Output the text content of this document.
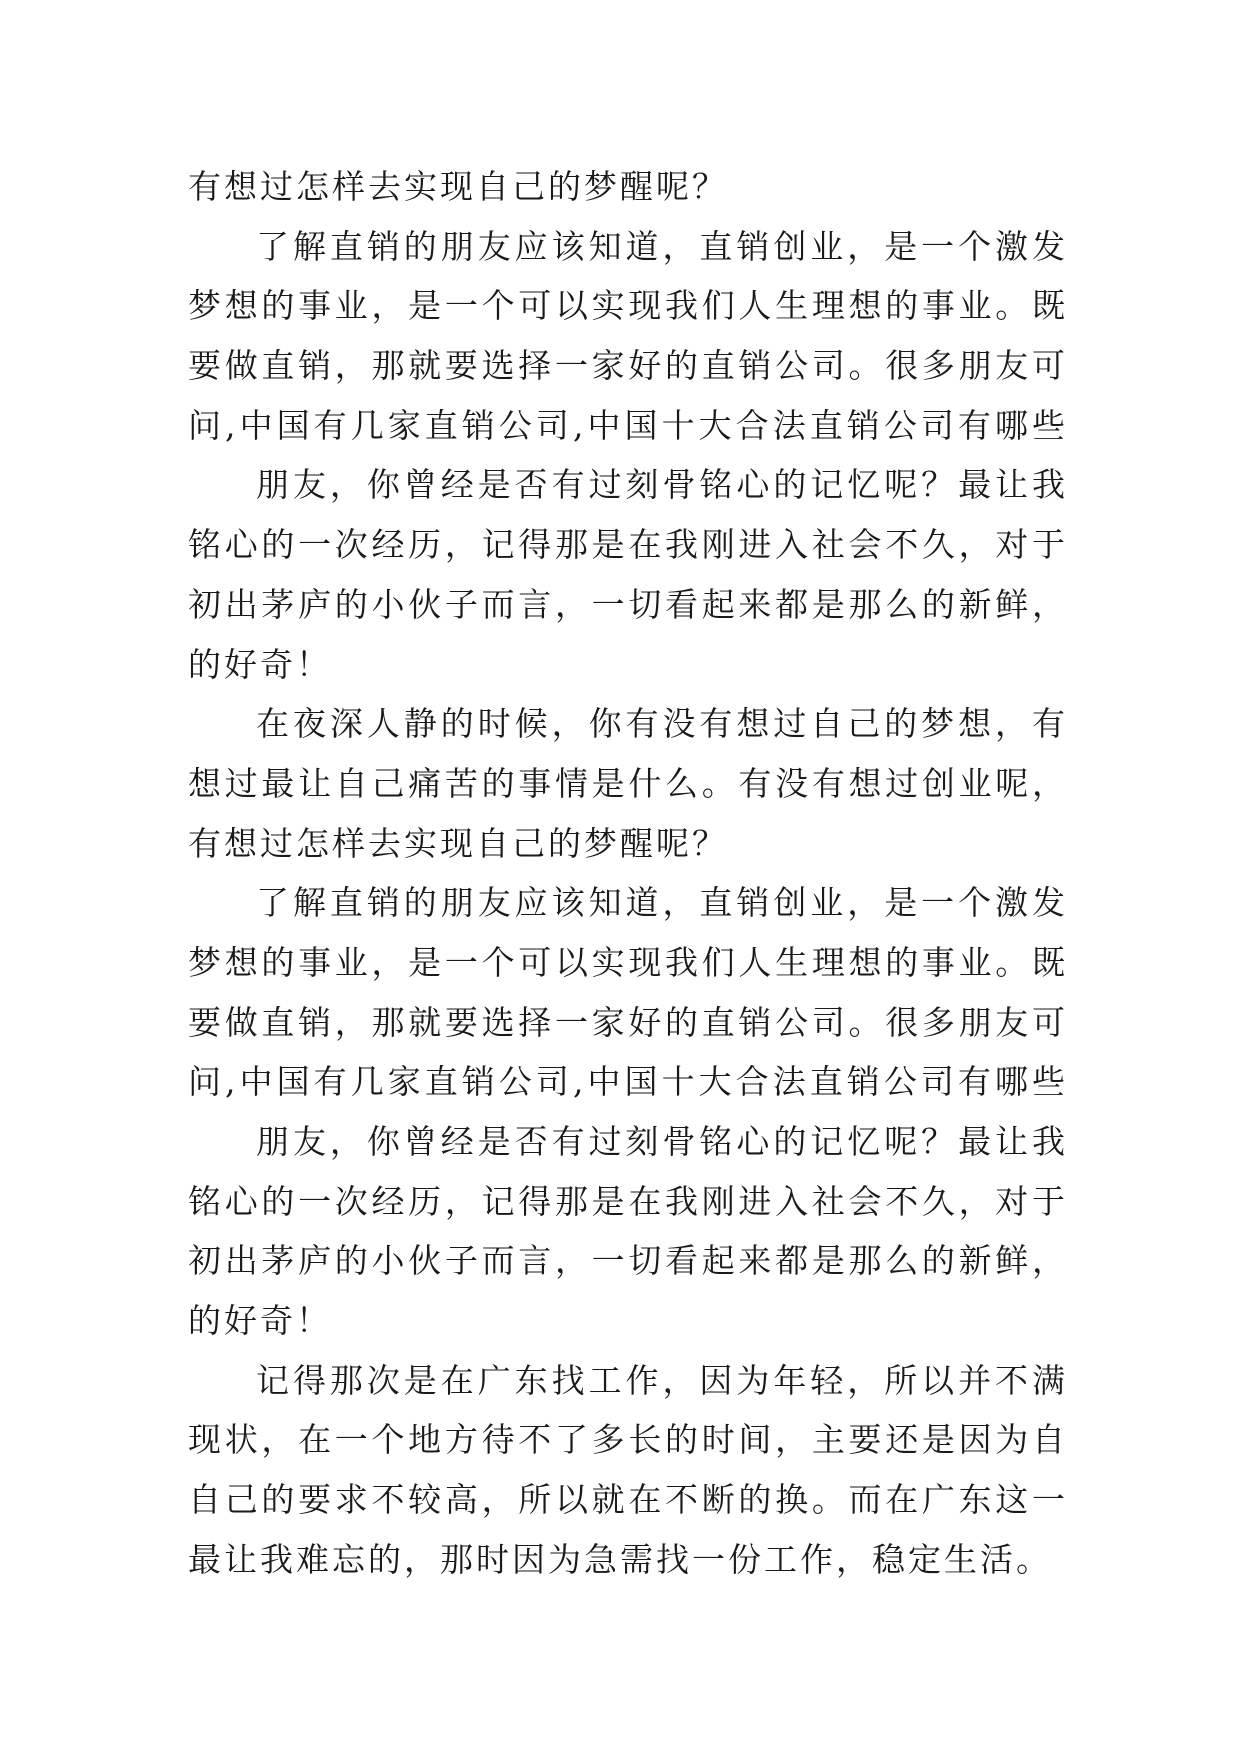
有想过怎样去实现自己的梦醒呢？
了解直销的朋友应该知道，直销创业，是一个激发
梦想的事业，是一个可以实现我们人生理想的事业。既
要做直销，那就要选择一家好的直销公司。很多朋友可
问,中国有几家直销公司,中国十大合法直销公司有哪些
朋友，你曾经是否有过刻骨铭心的记忆呢？最让我
铭心的一次经历，记得那是在我刚进入社会不久，对于
初出茅庐的小伙子而言，一切看起来都是那么的新鲜，
的好奇！
在夜深人静的时候，你有没有想过自己的梦想，有
想过最让自己痛苦的事情是什么。有没有想过创业呢，
有想过怎样去实现自己的梦醒呢？
了解直销的朋友应该知道，直销创业，是一个激发
梦想的事业，是一个可以实现我们人生理想的事业。既
要做直销，那就要选择一家好的直销公司。很多朋友可
问,中国有几家直销公司,中国十大合法直销公司有哪些
朋友，你曾经是否有过刻骨铭心的记忆呢？最让我
铭心的一次经历，记得那是在我刚进入社会不久，对于
初出茅庐的小伙子而言，一切看起来都是那么的新鲜，
的好奇！
记得那次是在广东找工作，因为年轻，所以并不满
现状，在一个地方待不了多长的时间，主要还是因为自
自己的要求不较高，所以就在不断的换。而在广东这一
最让我难忘的，那时因为急需找一份工作，稳定生活。
